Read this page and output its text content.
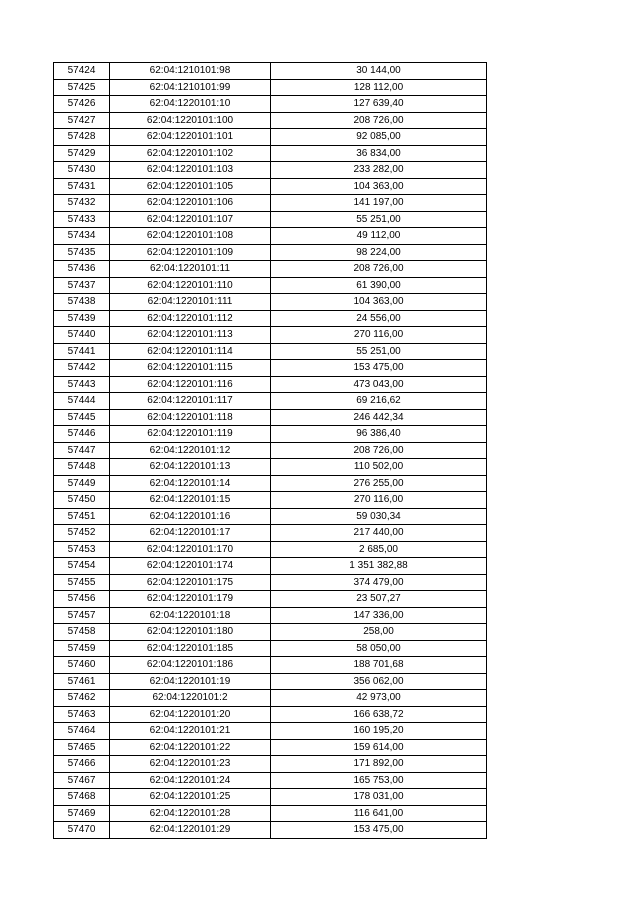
57424	62:04:1210101:98	30 144,00
57425	62:04:1210101:99	128 112,00
57426	62:04:1220101:10	127 639,40
57427	62:04:1220101:100	208 726,00
57428	62:04:1220101:101	92 085,00
57429	62:04:1220101:102	36 834,00
57430	62:04:1220101:103	233 282,00
57431	62:04:1220101:105	104 363,00
57432	62:04:1220101:106	141 197,00
57433	62:04:1220101:107	55 251,00
57434	62:04:1220101:108	49 112,00
57435	62:04:1220101:109	98 224,00
57436	62:04:1220101:11	208 726,00
57437	62:04:1220101:110	61 390,00
57438	62:04:1220101:111	104 363,00
57439	62:04:1220101:112	24 556,00
57440	62:04:1220101:113	270 116,00
57441	62:04:1220101:114	55 251,00
57442	62:04:1220101:115	153 475,00
57443	62:04:1220101:116	473 043,00
57444	62:04:1220101:117	69 216,62
57445	62:04:1220101:118	246 442,34
57446	62:04:1220101:119	96 386,40
57447	62:04:1220101:12	208 726,00
57448	62:04:1220101:13	110 502,00
57449	62:04:1220101:14	276 255,00
57450	62:04:1220101:15	270 116,00
57451	62:04:1220101:16	59 030,34
57452	62:04:1220101:17	217 440,00
57453	62:04:1220101:170	2 685,00
57454	62:04:1220101:174	1 351 382,88
57455	62:04:1220101:175	374 479,00
57456	62:04:1220101:179	23 507,27
57457	62:04:1220101:18	147 336,00
57458	62:04:1220101:180	258,00
57459	62:04:1220101:185	58 050,00
57460	62:04:1220101:186	188 701,68
57461	62:04:1220101:19	356 062,00
57462	62:04:1220101:2	42 973,00
57463	62:04:1220101:20	166 638,72
57464	62:04:1220101:21	160 195,20
57465	62:04:1220101:22	159 614,00
57466	62:04:1220101:23	171 892,00
57467	62:04:1220101:24	165 753,00
57468	62:04:1220101:25	178 031,00
57469	62:04:1220101:28	116 641,00
57470	62:04:1220101:29	153 475,00
